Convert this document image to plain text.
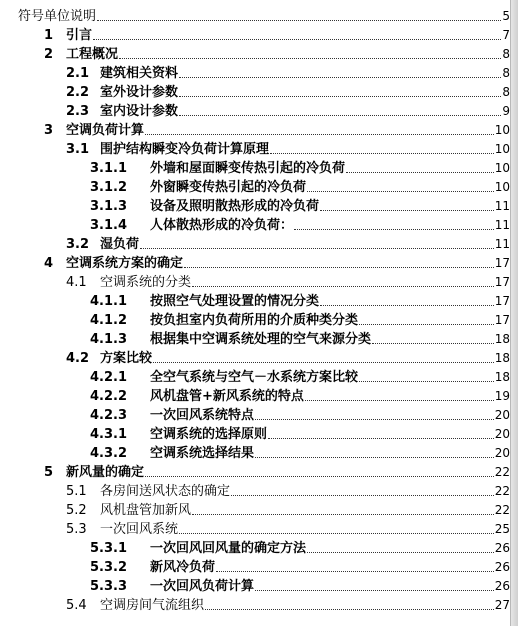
符号单位说明	5
1 引言	7
2 工程概况	8
2.1 建筑相关资料	8
2.2 室外设计参数	8
2.3 室内设计参数	9
3 空调负荷计算	10
3.1 围护结构瞬变冷负荷计算原理	10
3.1.1 外墙和屋面瞬变传热引起的冷负荷	10
3.1.2 外窗瞬变传热引起的冷负荷	10
3.1.3 设备及照明散热形成的冷负荷	11
3.1.4 人体散热形成的冷负荷：	11
3.2 湿负荷	11
4 空调系统方案的确定	17
4.1 空调系统的分类	17
4.1.1 按照空气处理设置的情况分类	17
4.1.2 按负担室内负荷所用的介质种类分类	17
4.1.3 根据集中空调系统处理的空气来源分类	18
4.2 方案比较	18
4.2.1 全空气系统与空气－水系统方案比较	18
4.2.2 风机盘管+新风系统的特点	19
4.2.3 一次回风系统特点	20
4.3.1 空调系统的选择原则	20
4.3.2 空调系统选择结果	20
5 新风量的确定	22
5.1 各房间送风状态的确定	22
5.2 风机盘管加新风	22
5.3 一次回风系统	25
5.3.1 一次回风回风量的确定方法	26
5.3.2 新风冷负荷	26
5.3.3 一次回风负荷计算	26
5.4 空调房间气流组织	27
